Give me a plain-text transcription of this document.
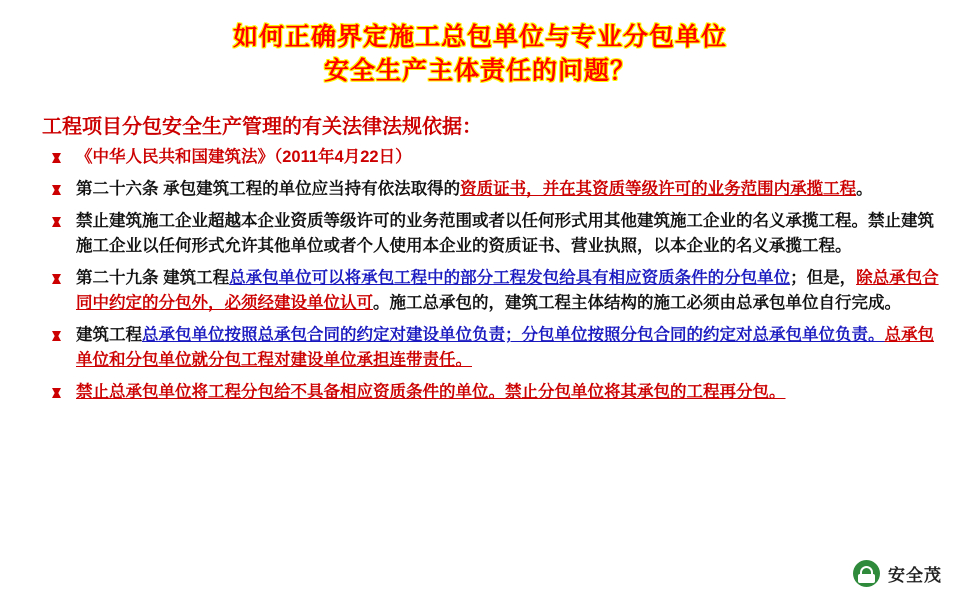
如何正确界定施工总包单位与专业分包单位
安全生产主体责任的问题？
工程项目分包安全生产管理的有关法律法规依据：
《中华人民共和国建筑法》（2011年4月22日）
第二十六条 承包建筑工程的单位应当持有依法取得的资质证书，并在其资质等级许可的业务范围内承揽工程。
禁止建筑施工企业超越本企业资质等级许可的业务范围或者以任何形式用其他建筑施工企业的名义承揽工程。禁止建筑施工企业以任何形式允许其他单位或者个人使用本企业的资质证书、营业执照，以本企业的名义承揽工程。
第二十九条 建筑工程总承包单位可以将承包工程中的部分工程发包给具有相应资质条件的分包单位；但是，除总承包合同中约定的分包外，必须经建设单位认可。施工总承包的，建筑工程主体结构的施工必须由总承包单位自行完成。
建筑工程总承包单位按照总承包合同的约定对建设单位负责；分包单位按照分包合同的约定对总承包单位负责。总承包单位和分包单位就分包工程对建设单位承担连带责任。
禁止总承包单位将工程分包给不具备相应资质条件的单位。禁止分包单位将其承包的工程再分包。
安全茂
